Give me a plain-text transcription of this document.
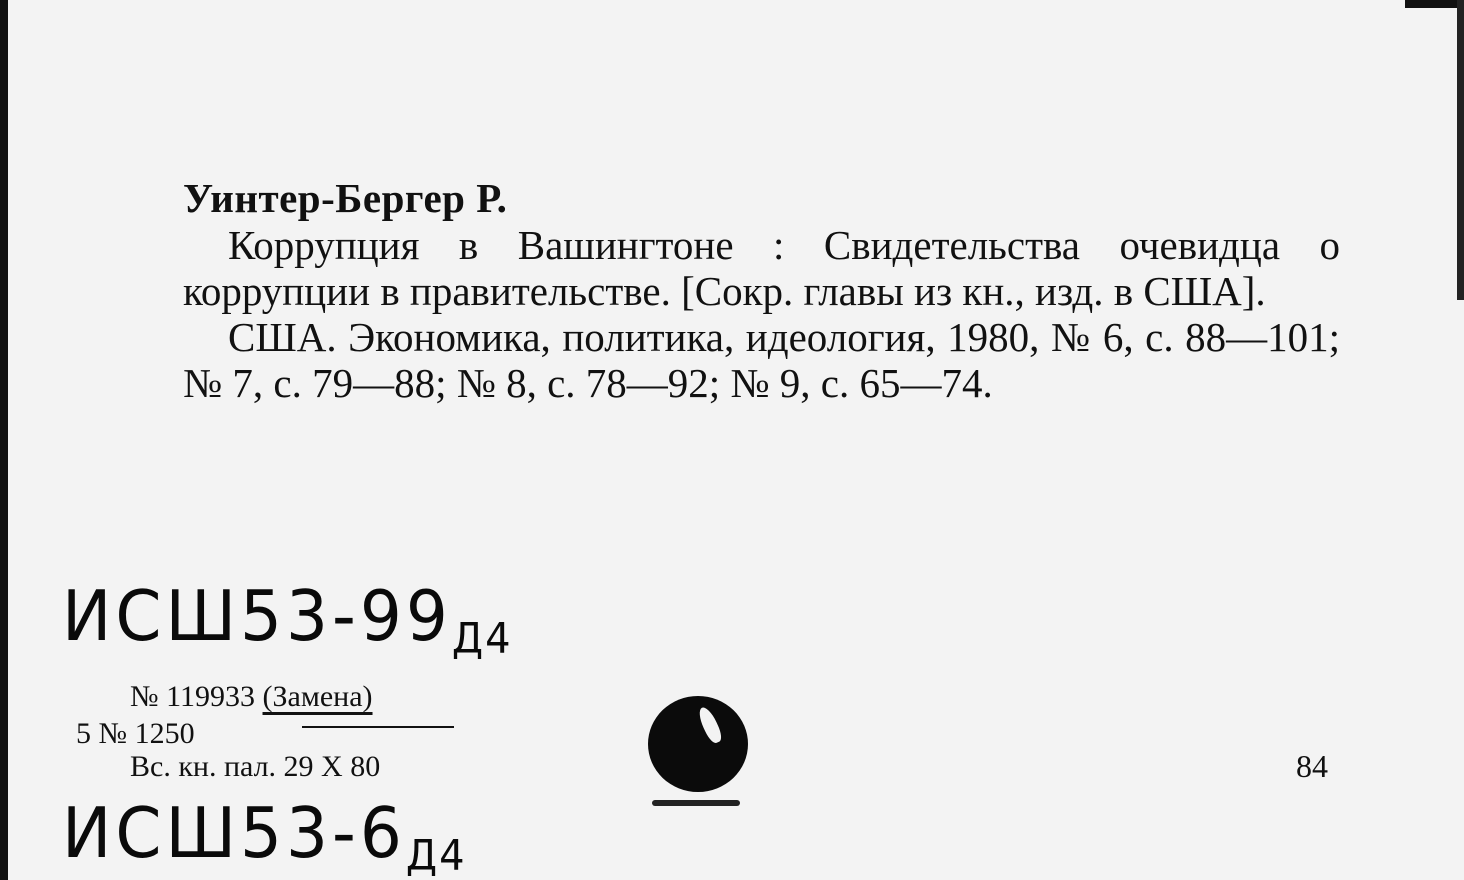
Уинтер-Бергер Р.

Коррупция в Вашингтоне : Свидетельства очевидца о коррупции в правительстве. [Сокр. главы из кн., изд. в США].

США. Экономика, политика, идеология, 1980, № 6, с. 88—101; № 7, с. 79—88; № 8, с. 78—92; № 9, с. 65—74.

ИСШ53-99Д4
№ 119933 (Замена)
5 № 1250
Вс. кн. пал. 29 X 80	84
ИСШ53-6Д4
